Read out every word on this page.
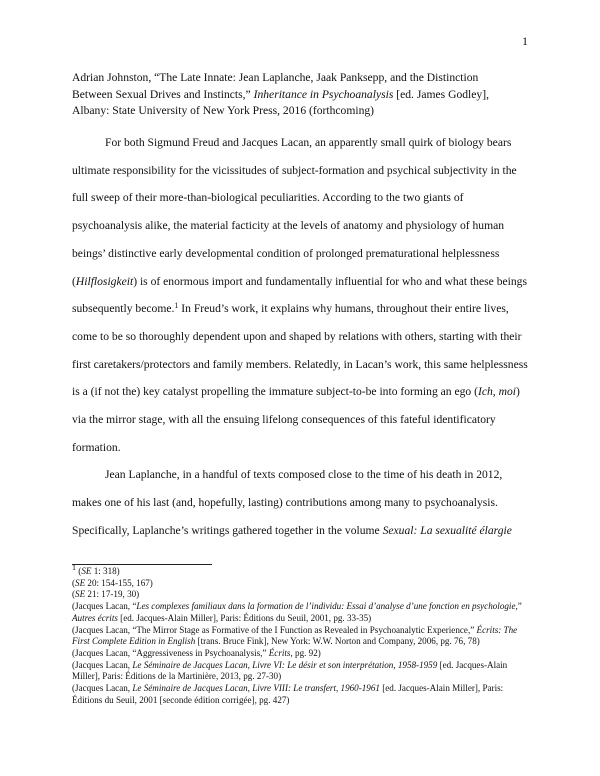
1
Adrian Johnston, “The Late Innate: Jean Laplanche, Jaak Panksepp, and the Distinction
Between Sexual Drives and Instincts,” Inheritance in Psychoanalysis [ed. James Godley],
Albany: State University of New York Press, 2016 (forthcoming)

For both Sigmund Freud and Jacques Lacan, an apparently small quirk of biology bears ultimate responsibility for the vicissitudes of subject-formation and psychical subjectivity in the full sweep of their more-than-biological peculiarities. According to the two giants of psychoanalysis alike, the material facticity at the levels of anatomy and physiology of human beings’ distinctive early developmental condition of prolonged prematurational helplessness (Hilflosigkeit) is of enormous import and fundamentally influential for who and what these beings subsequently become.$^1$ In Freud’s work, it explains why humans, throughout their entire lives, come to be so thoroughly dependent upon and shaped by relations with others, starting with their first caretakers/protectors and family members. Relatedly, in Lacan’s work, this same helplessness is a (if not the) key catalyst propelling the immature subject-to-be into forming an ego (Ich, moi) via the mirror stage, with all the ensuing lifelong consequences of this fateful identificatory formation.

Jean Laplanche, in a handful of texts composed close to the time of his death in 2012, makes one of his last (and, hopefully, lasting) contributions among many to psychoanalysis. Specifically, Laplanche’s writings gathered together in the volume Sexual: La sexualité élargie

$^1$ (SE 1: 318)

(SE 20: 154-155, 167)

(SE 21: 17-19, 30)

(Jacques Lacan, “Les complexes familiaux dans la formation de l’individu: Essai d’analyse d’une fonction en psychologie,” Autres écrits [ed. Jacques-Alain Miller], Paris: Éditions du Seuil, 2001, pg. 33-35)

(Jacques Lacan, “The Mirror Stage as Formative of the I Function as Revealed in Psychoanalytic Experience,” Écrits: The First Complete Edition in English [trans. Bruce Fink], New York: W.W. Norton and Company, 2006, pg. 76, 78)

(Jacques Lacan, “Aggressiveness in Psychoanalysis,” Écrits, pg. 92)

(Jacques Lacan, Le Séminaire de Jacques Lacan, Livre VI: Le désir et son interprétation, 1958-1959 [ed. Jacques-Alain Miller], Paris: Éditions de la Martinière, 2013, pg. 27-30)

(Jacques Lacan, Le Séminaire de Jacques Lacan, Livre VIII: Le transfert, 1960-1961 [ed. Jacques-Alain Miller], Paris: Éditions du Seuil, 2001 [seconde édition corrigée], pg. 427)
